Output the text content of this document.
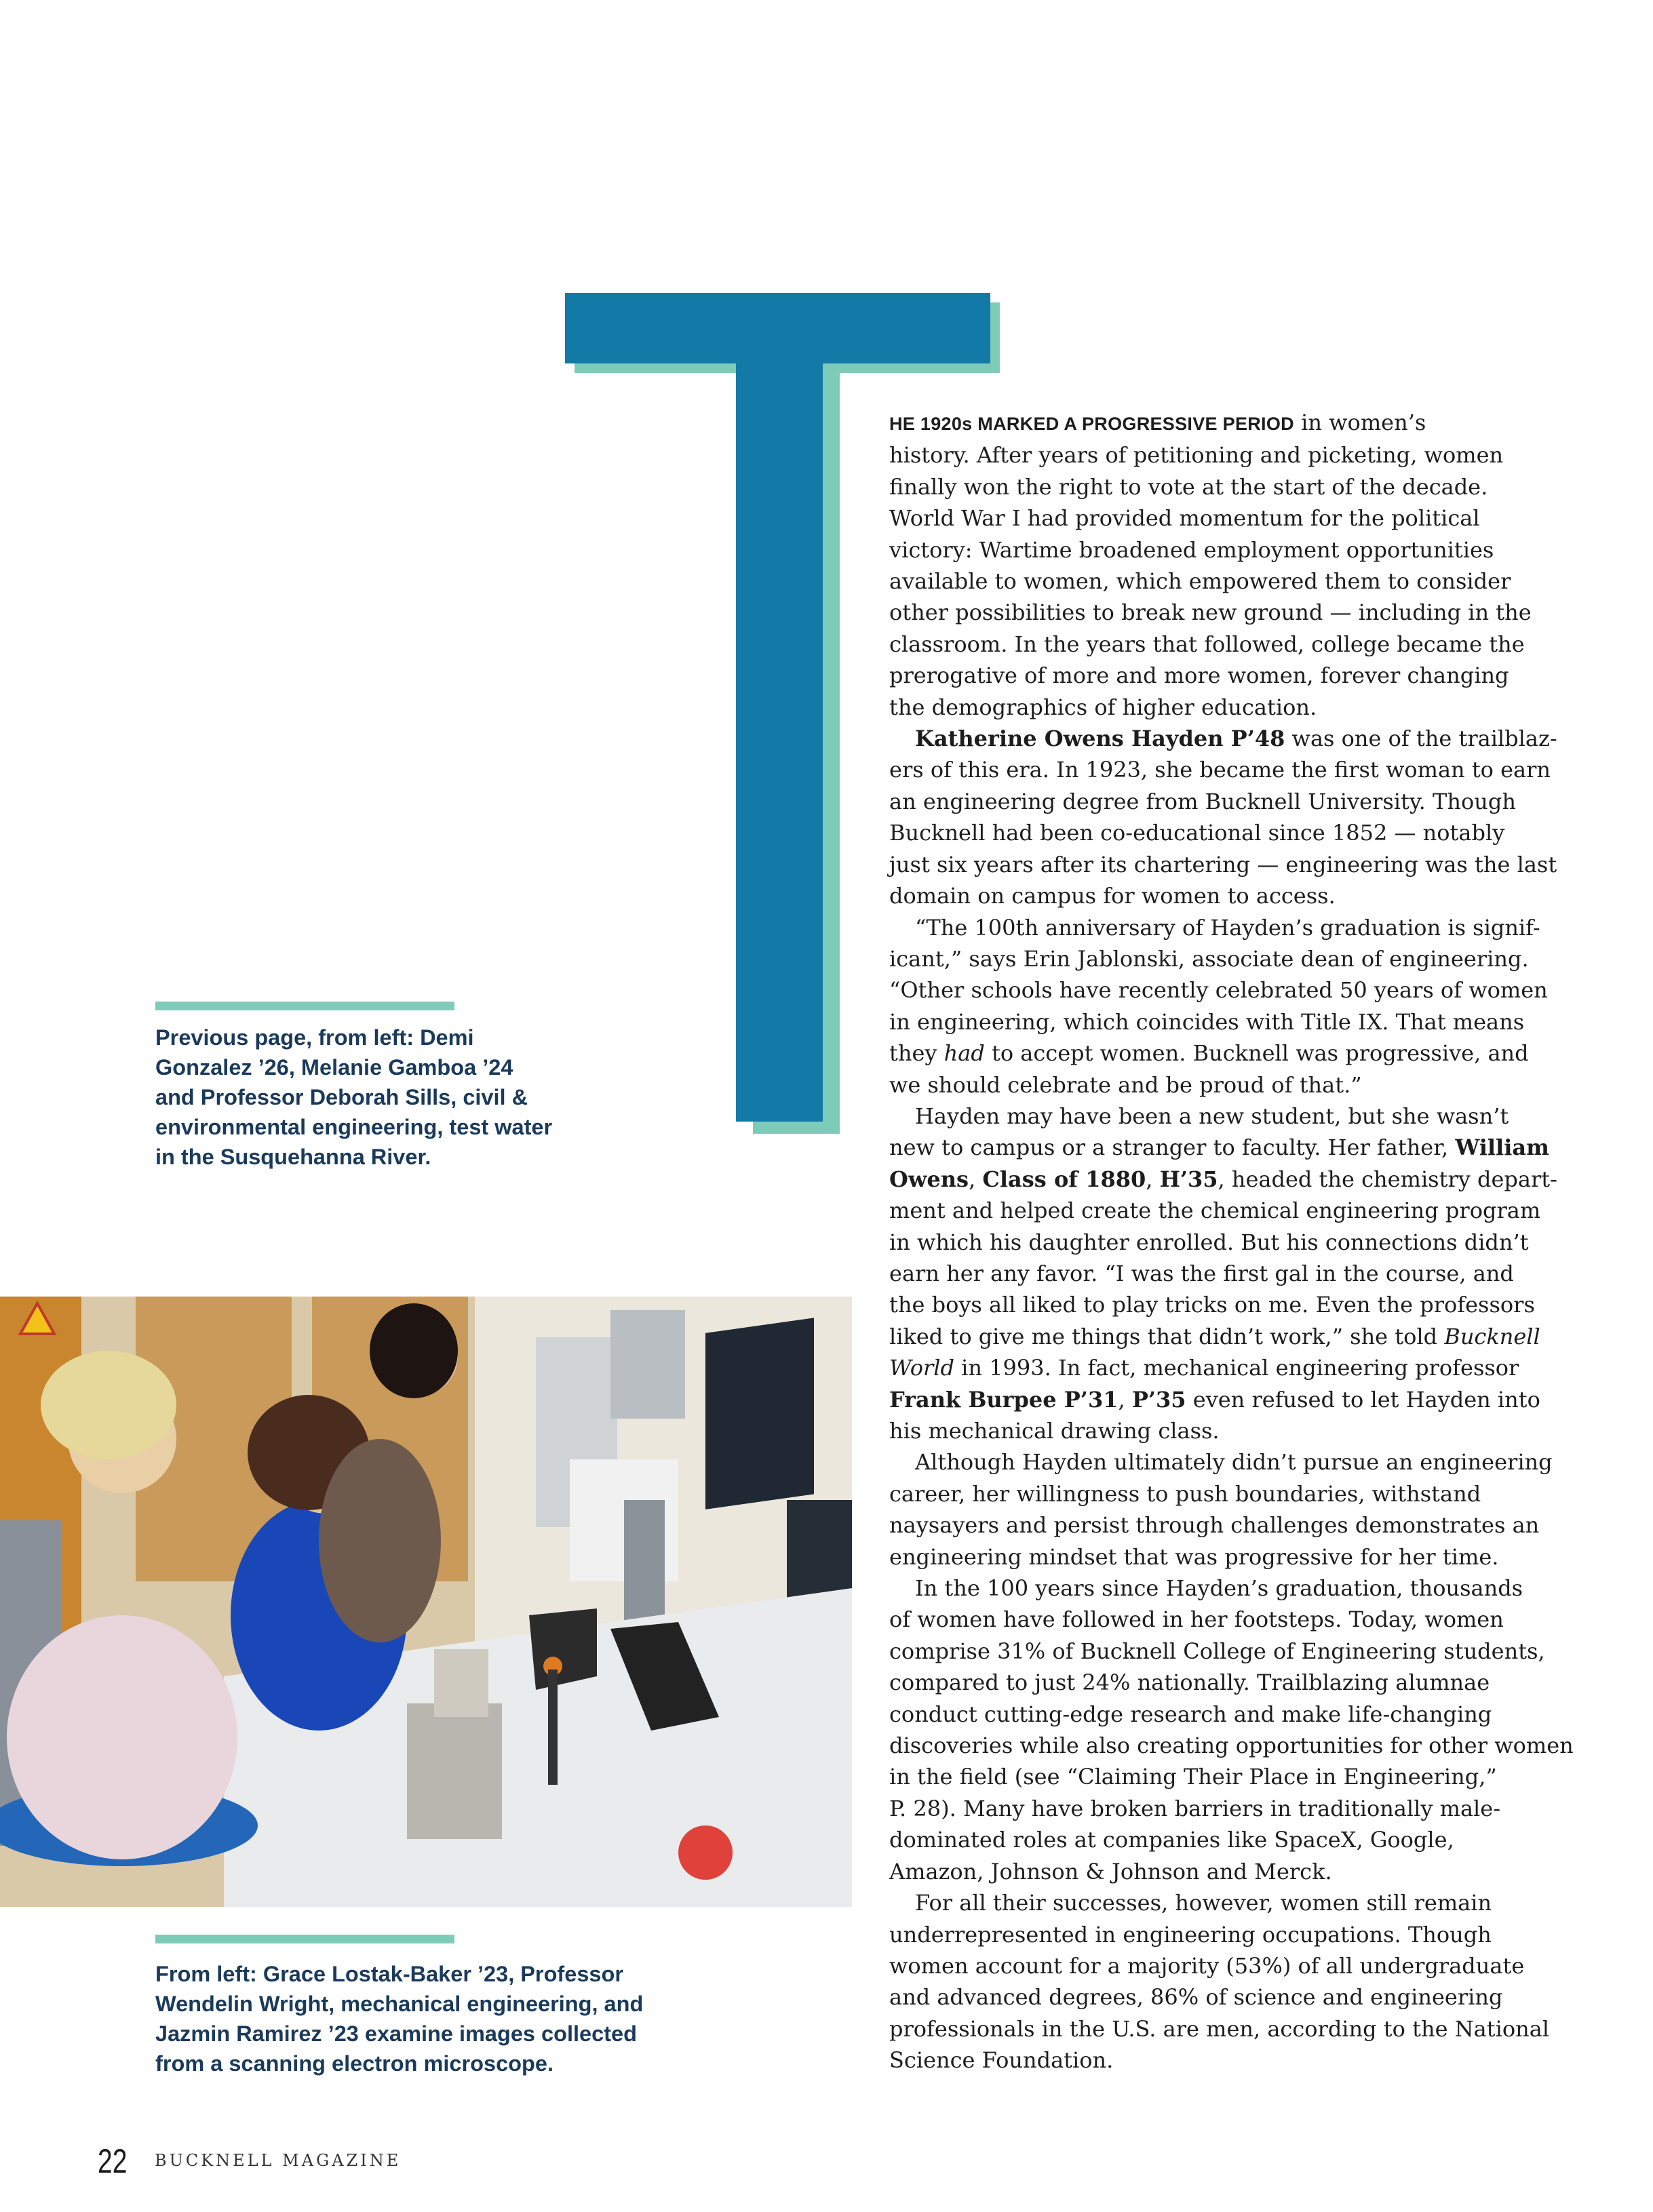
Previous page, from left: Demi
Gonzalez ’26, Melanie Gamboa ’24
and Professor Deborah Sills, civil &
environmental engineering, test water
in the Susquehanna River.
From left: Grace Lostak-Baker ’23, Professor
Wendelin Wright, mechanical engineering, and
Jazmin Ramirez ’23 examine images collected
from a scanning electron microscope.
HE 1920s MARKED A PROGRESSIVE PERIOD in women’s
history. After years of petitioning and picketing, women
finally won the right to vote at the start of the decade.
World War I had provided momentum for the political
victory: Wartime broadened employment opportunities
available to women, which empowered them to consider
other possibilities to break new ground — including in the
classroom. In the years that followed, college became the
prerogative of more and more women, forever changing
the demographics of higher education.
Katherine Owens Hayden P’48 was one of the trailblaz-
ers of this era. In 1923, she became the first woman to earn
an engineering degree from Bucknell University. Though
Bucknell had been co-educational since 1852 — notably
just six years after its chartering — engineering was the last
domain on campus for women to access.
“The 100th anniversary of Hayden’s graduation is signif-
icant,” says Erin Jablonski, associate dean of engineering.
“Other schools have recently celebrated 50 years of women
in engineering, which coincides with Title IX. That means
they had to accept women. Bucknell was progressive, and
we should celebrate and be proud of that.”
Hayden may have been a new student, but she wasn’t
new to campus or a stranger to faculty. Her father, William
Owens, Class of 1880, H’35, headed the chemistry depart-
ment and helped create the chemical engineering program
in which his daughter enrolled. But his connections didn’t
earn her any favor. “I was the first gal in the course, and
the boys all liked to play tricks on me. Even the professors
liked to give me things that didn’t work,” she told Bucknell
World in 1993. In fact, mechanical engineering professor
Frank Burpee P’31, P’35 even refused to let Hayden into
his mechanical drawing class.
Although Hayden ultimately didn’t pursue an engineering
career, her willingness to push boundaries, withstand
naysayers and persist through challenges demonstrates an
engineering mindset that was progressive for her time.
In the 100 years since Hayden’s graduation, thousands
of women have followed in her footsteps. Today, women
comprise 31% of Bucknell College of Engineering students,
compared to just 24% nationally. Trailblazing alumnae
conduct cutting-edge research and make life-changing
discoveries while also creating opportunities for other women
in the field (see “Claiming Their Place in Engineering,”
P. 28). Many have broken barriers in traditionally male-
dominated roles at companies like SpaceX, Google,
Amazon, Johnson & Johnson and Merck.
For all their successes, however, women still remain
underrepresented in engineering occupations. Though
women account for a majority (53%) of all undergraduate
and advanced degrees, 86% of science and engineering
professionals in the U.S. are men, according to the National
Science Foundation.
22 BUCKNELL MAGAZINE
